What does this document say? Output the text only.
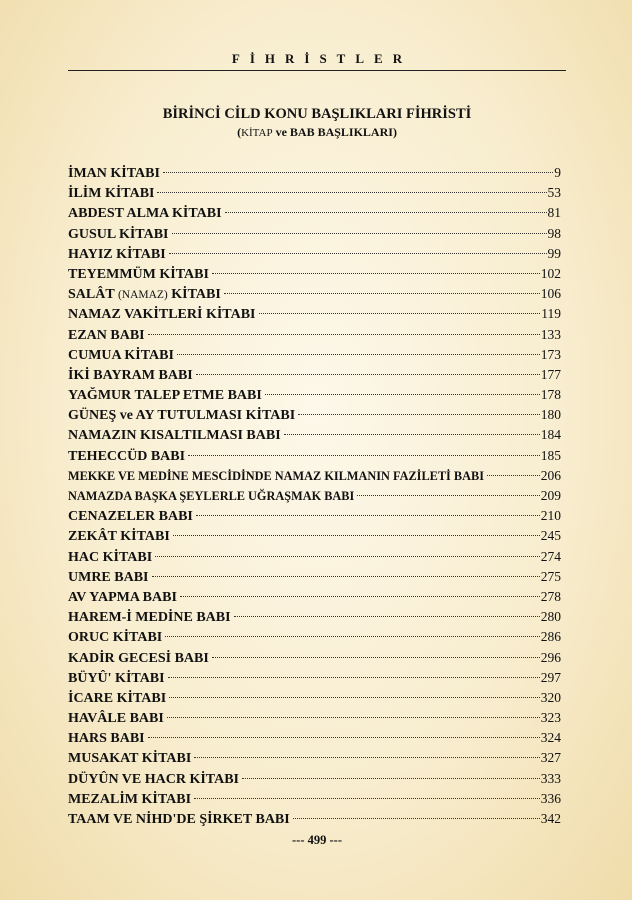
FİHRİSTLER
BİRİNCİ CİLD KONU BAŞLIKLARI FİHRİSTİ
(KİTAP ve BAB BAŞLIKLARI)
İMAN KİTABI	9
İLİM KİTABI	53
ABDEST ALMA KİTABI	81
GUSUL KİTABI	98
HAYIZ KİTABI	99
TEYEMMÜM KİTABI	102
SALÂT (NAMAZ) KİTABI	106
NAMAZ VAKİTLERİ KİTABI	119
EZAN BABI	133
CUMUA KİTABI	173
İKİ BAYRAM BABI	177
YAĞMUR TALEP ETME BABI	178
GÜNEŞ ve AY TUTULMASI KİTABI	180
NAMAZIN KISALTILMASI BABI	184
TEHECCÜD BABI	185
MEKKE VE MEDİNE MESCİDİNDE NAMAZ KILMANIN FAZİLETİ BABI	206
NAMAZDA BAŞKA ŞEYLERLE UĞRAŞMAK BABI	209
CENAZELER BABI	210
ZEKÂT KİTABI	245
HAC KİTABI	274
UMRE BABI	275
AV YAPMA BABI	278
HAREM-İ MEDİNE BABI	280
ORUC KİTABI	286
KADİR GECESİ BABI	296
BÜYÛ' KİTABI	297
İCARE KİTABI	320
HAVÂLE BABI	323
HARS BABI	324
MUSAKAT KİTABI	327
DÜYÛN VE HACR KİTABI	333
MEZALİM KİTABI	336
TAAM VE NİHD'DE ŞİRKET BABI	342
--- 499 ---
